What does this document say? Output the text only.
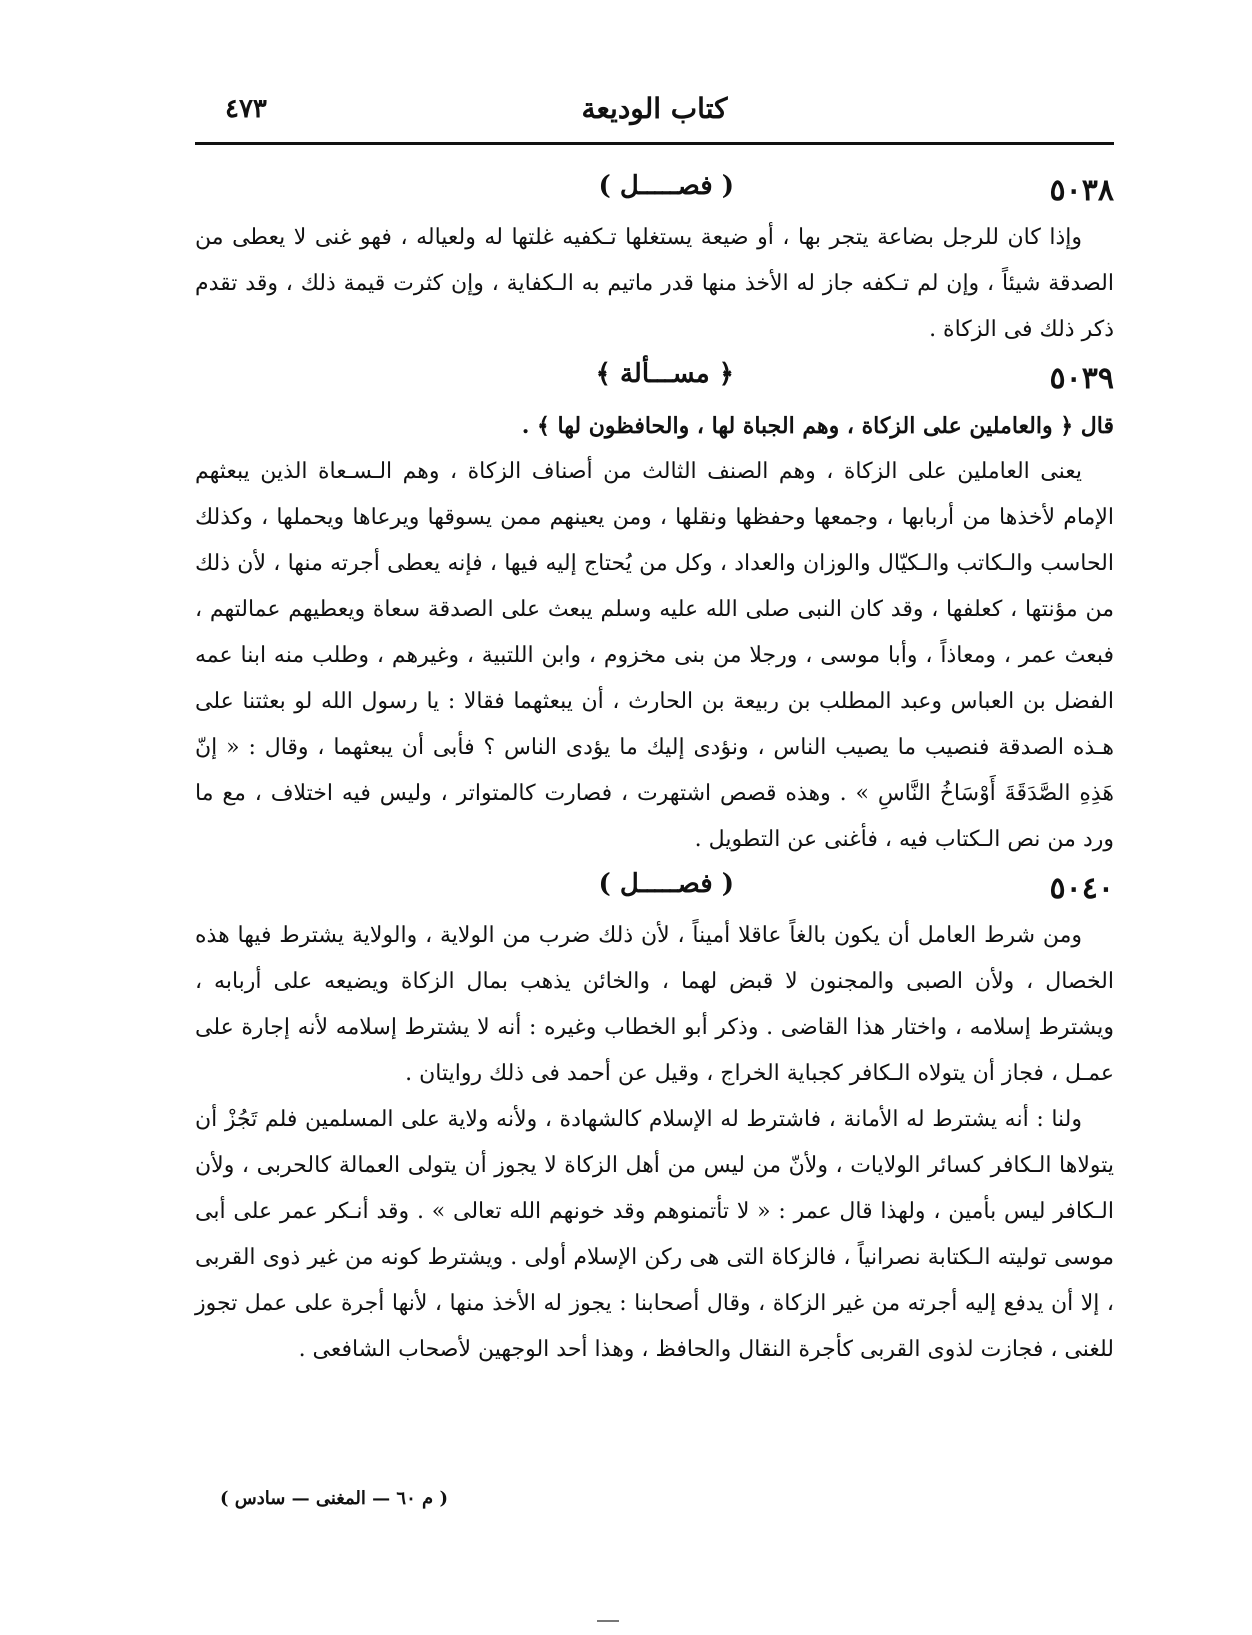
كتاب الوديعة
٤٧٣
٥٠٣٨
( فصـــــل )

وإذا كان للرجل بضاعة يتجر بها ، أو ضيعة يستغلها تـكفيه غلتها له ولعياله ، فهو غنى لا يعطى من الصدقة شيئاً ، وإن لم تـكفه جاز له الأخذ منها قدر ماتيم به الـكفاية ، وإن كثرت قيمة ذلك ، وقد تقدم ذكر ذلك فى الزكاة .

٥٠٣٩
﴿ مســـألة ﴾

قال ﴿ والعاملين على الزكاة ، وهم الجباة لها ، والحافظون لها ﴾ .

يعنى العاملين على الزكاة ، وهم الصنف الثالث من أصناف الزكاة ، وهم الـسـعاة الذين يبعثهم الإمام لأخذها من أربابها ، وجمعها وحفظها ونقلها ، ومن يعينهم ممن يسوقها ويرعاها ويحملها ، وكذلك الحاسب والـكاتب والـكيّال والوزان والعداد ، وكل من يُحتاج إليه فيها ، فإنه يعطى أجرته منها ، لأن ذلك من مؤنتها ، كعلفها ، وقد كان النبى صلى الله عليه وسلم يبعث على الصدقة سعاة ويعطيهم عمالتهم ، فبعث عمر ، ومعاذاً ، وأبا موسى ، ورجلا من بنى مخزوم ، وابن اللتبية ، وغيرهم ، وطلب منه ابنا عمه الفضل بن العباس وعبد المطلب بن ربيعة بن الحارث ، أن يبعثهما فقالا : يا رسول الله لو بعثتنا على هـذه الصدقة فنصيب ما يصيب الناس ، ونؤدى إليك ما يؤدى الناس ؟ فأبى أن يبعثهما ، وقال : « إنّ هَذِهِ الصَّدَقَةَ أَوْسَاخُ النَّاسِ » . وهذه قصص اشتهرت ، فصارت كالمتواتر ، وليس فيه اختلاف ، مع ما ورد من نص الـكتاب فيه ، فأغنى عن التطويل .

٥٠٤٠
( فصـــــل )

ومن شرط العامل أن يكون بالغاً عاقلا أميناً ، لأن ذلك ضرب من الولاية ، والولاية يشترط فيها هذه الخصال ، ولأن الصبى والمجنون لا قبض لهما ، والخائن يذهب بمال الزكاة ويضيعه على أربابه ، ويشترط إسلامه ، واختار هذا القاضى . وذكر أبو الخطاب وغيره : أنه لا يشترط إسلامه لأنه إجارة على عمـل ، فجاز أن يتولاه الـكافر كجباية الخراج ، وقيل عن أحمد فى ذلك روايتان .

ولنا : أنه يشترط له الأمانة ، فاشترط له الإسلام كالشهادة ، ولأنه ولاية على المسلمين فلم تَجُزْ أن يتولاها الـكافر كسائر الولايات ، ولأنّ من ليس من أهل الزكاة لا يجوز أن يتولى العمالة كالحربى ، ولأن الـكافر ليس بأمين ، ولهذا قال عمر : « لا تأتمنوهم وقد خونهم الله تعالى » . وقد أنـكر عمر على أبى موسى توليته الـكتابة نصرانياً ، فالزكاة التى هى ركن الإسلام أولى . ويشترط كونه من غير ذوى القربى ، إلا أن يدفع إليه أجرته من غير الزكاة ، وقال أصحابنا : يجوز له الأخذ منها ، لأنها أجرة على عمل تجوز للغنى ، فجازت لذوى القربى كأجرة النقال والحافظ ، وهذا أحد الوجهين لأصحاب الشافعى .

( م ٦٠ — المغنى — سادس )
